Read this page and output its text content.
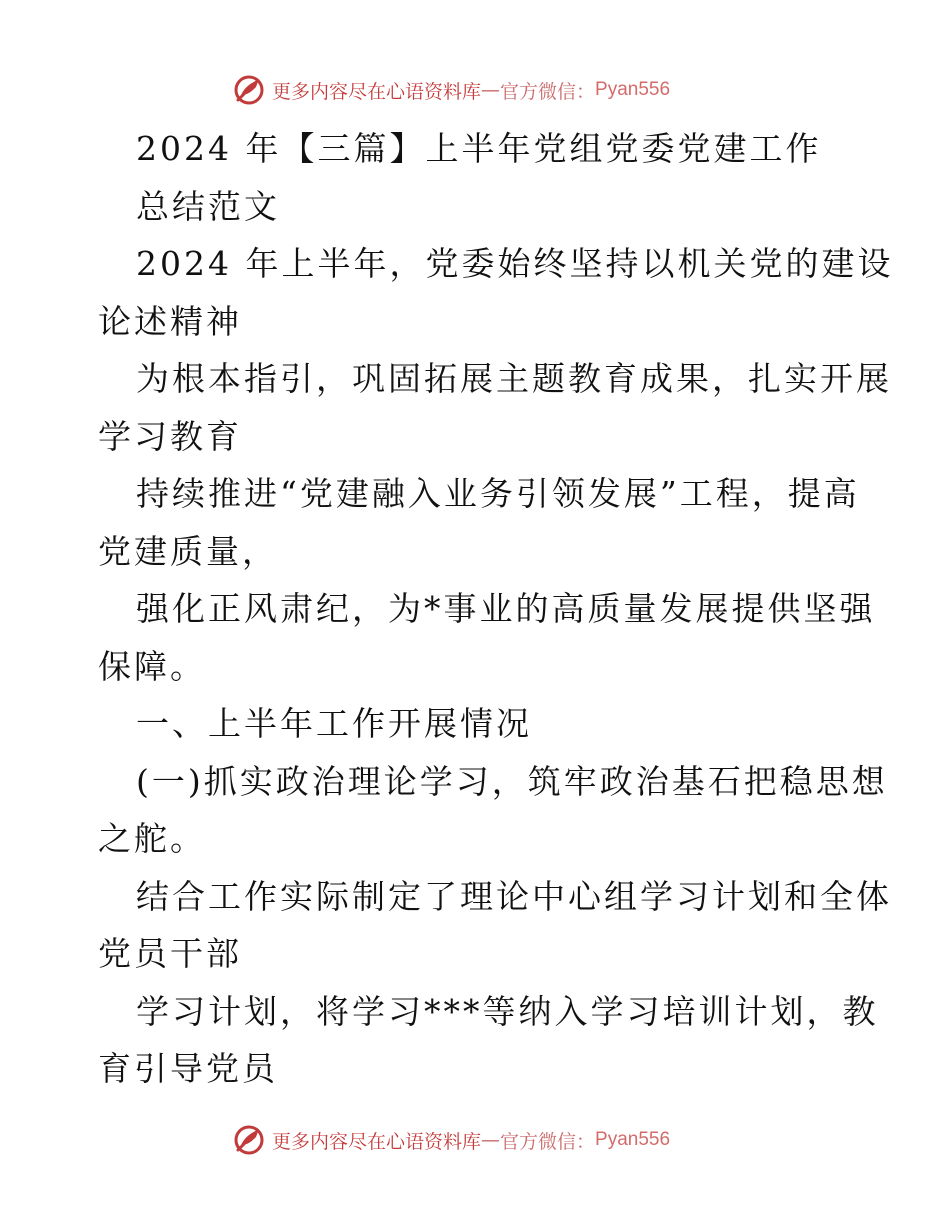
更多内容尽在心语资料库 — 官方微信： Pyan556
2024 年【三篇】上半年党组党委党建工作
总结范文
2024 年上半年，党委始终坚持以机关党的建设
论述精神
为根本指引，巩固拓展主题教育成果，扎实开展
学习教育
持续推进“党建融入业务引领发展”工程，提高
党建质量，
强化正风肃纪，为*事业的高质量发展提供坚强
保障。
一、上半年工作开展情况
(一)抓实政治理论学习，筑牢政治基石把稳思想
之舵。
结合工作实际制定了理论中心组学习计划和全体
党员干部
学习计划，将学习***等纳入学习培训计划，教
育引导党员
更多内容尽在心语资料库 — 官方微信： Pyan556
